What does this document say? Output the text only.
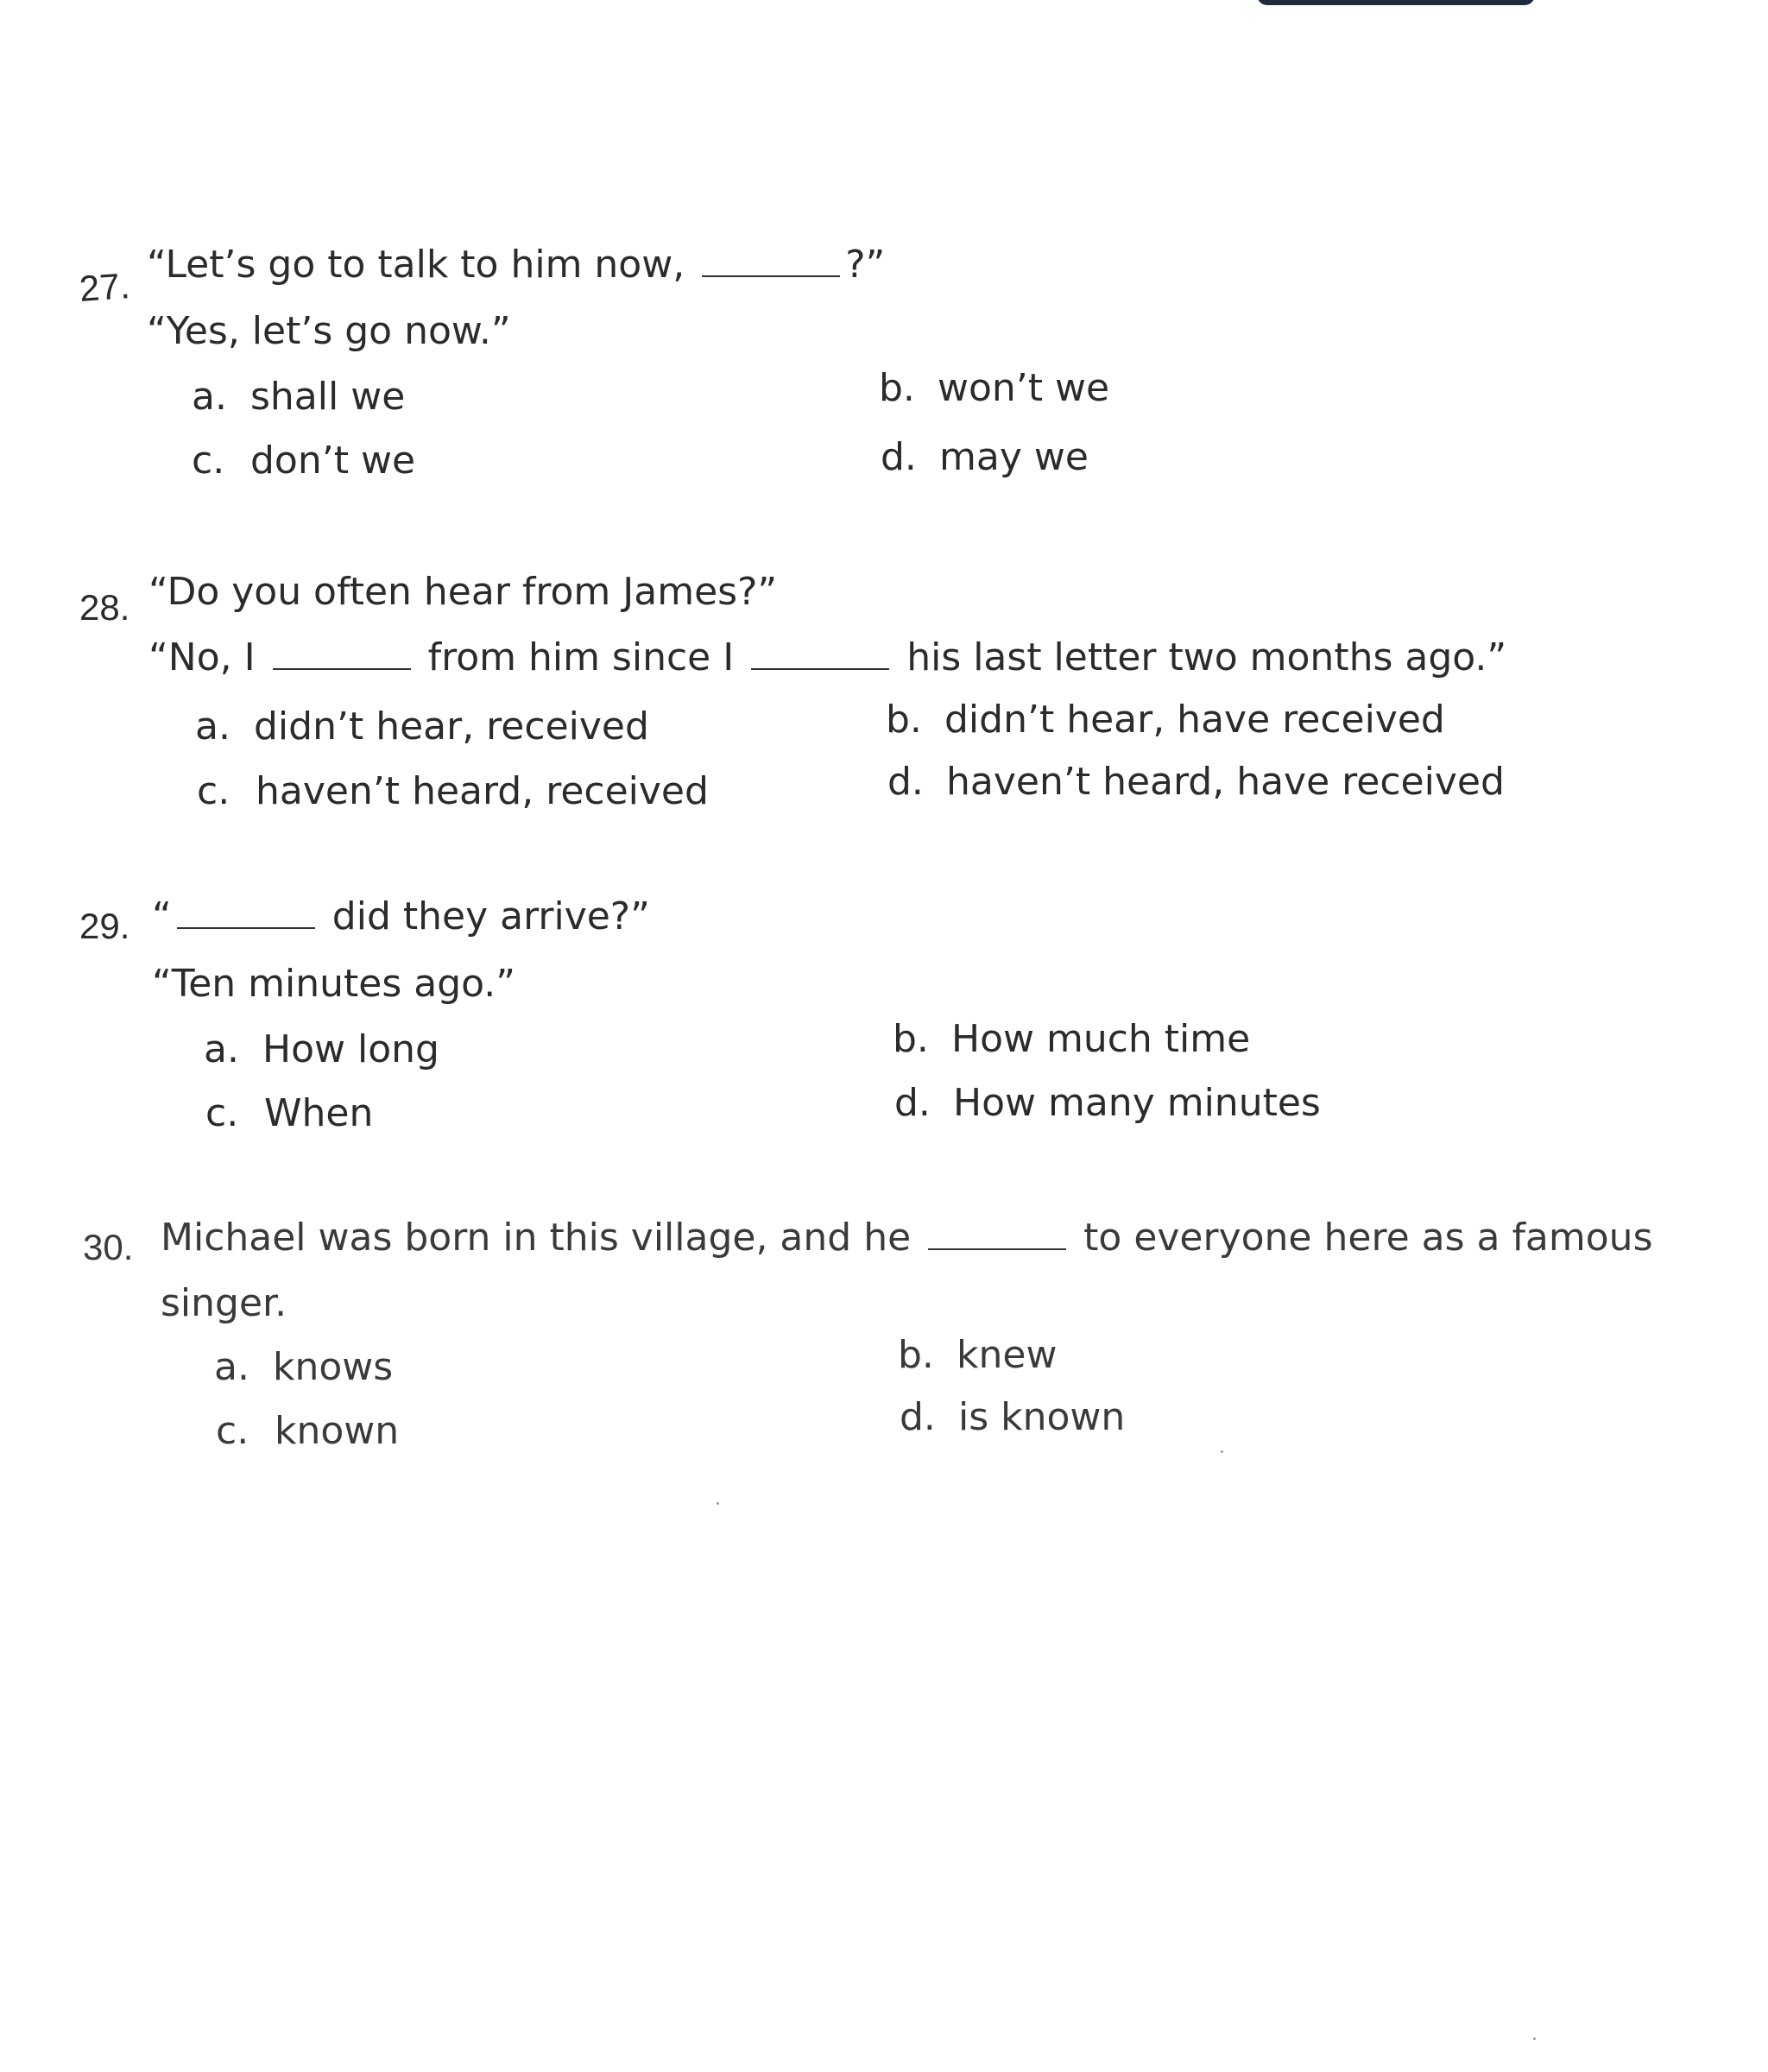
27.
“Let’s go to talk to him now,	?”
“Yes, let’s go now.”
a. shall we	b. won’t we
c. don’t we	d. may we
28. “Do you often hear from James?”
“No, I	from him since I	his last letter two months ago.”
a. didn’t hear, received	b. didn’t hear, have received
c. haven’t heard, received	d. haven’t heard, have received
29. “	did they arrive?”
“Ten minutes ago.”
a. How long	b. How much time
c. When	d. How many minutes
30. Michael was born in this village, and he	to everyone here as a famous
singer.
a. knows	b. knew
c. known	d. is known
